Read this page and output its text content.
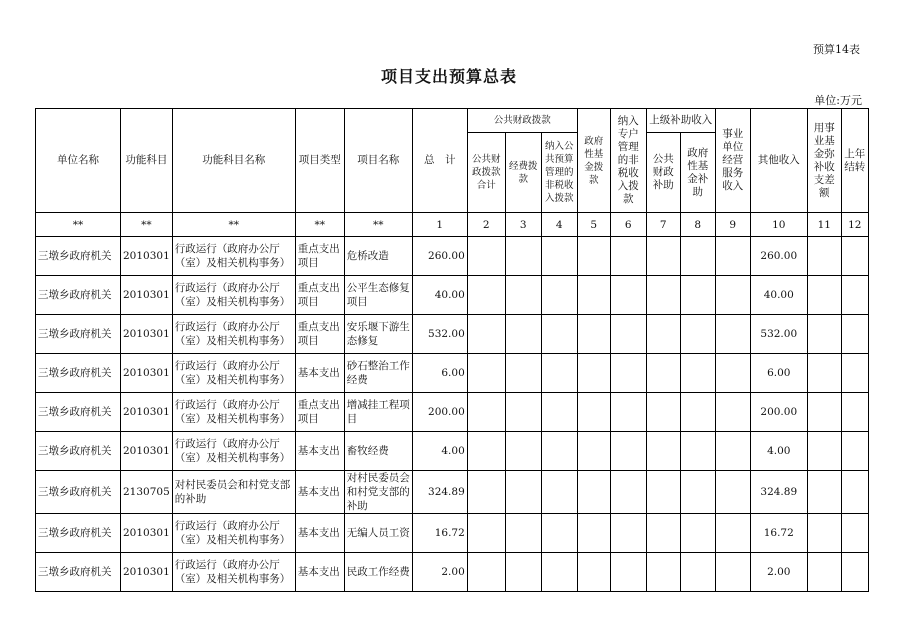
预算14表
项目支出预算总表
单位:万元
单位名称	功能科目	功能科目名称	项目类型	项目名称	总　计	公共财政拨款			政府性基金拨款	纳入专户管理的非税收入拨款	上级补助收入		事业单位经营服务收入	其他收入	用事业基金弥补收支差额	上年结转
						公共财政拨款合计	经费拨款	纳入公共预算管理的非税收入拨款			公共财政补助	政府性基金补助				
**	**	**	**	**	1	2	3	4	5	6	7	8	9	10	11	12
三墩乡政府机关	2010301	行政运行（政府办公厅（室）及相关机构事务）	重点支出项目	危桥改造	260.00									260.00		
三墩乡政府机关	2010301	行政运行（政府办公厅（室）及相关机构事务）	重点支出项目	公平生态修复项目	40.00									40.00		
三墩乡政府机关	2010301	行政运行（政府办公厅（室）及相关机构事务）	重点支出项目	安乐堰下游生态修复	532.00									532.00		
三墩乡政府机关	2010301	行政运行（政府办公厅（室）及相关机构事务）	基本支出	砂石整治工作经费	6.00									6.00		
三墩乡政府机关	2010301	行政运行（政府办公厅（室）及相关机构事务）	重点支出项目	增减挂工程项目	200.00									200.00		
三墩乡政府机关	2010301	行政运行（政府办公厅（室）及相关机构事务）	基本支出	畜牧经费	4.00									4.00		
三墩乡政府机关	2130705	对村民委员会和村党支部的补助	基本支出	对村民委员会和村党支部的补助	324.89									324.89		
三墩乡政府机关	2010301	行政运行（政府办公厅（室）及相关机构事务）	基本支出	无编人员工资	16.72									16.72		
三墩乡政府机关	2010301	行政运行（政府办公厅（室）及相关机构事务）	基本支出	民政工作经费	2.00									2.00		
